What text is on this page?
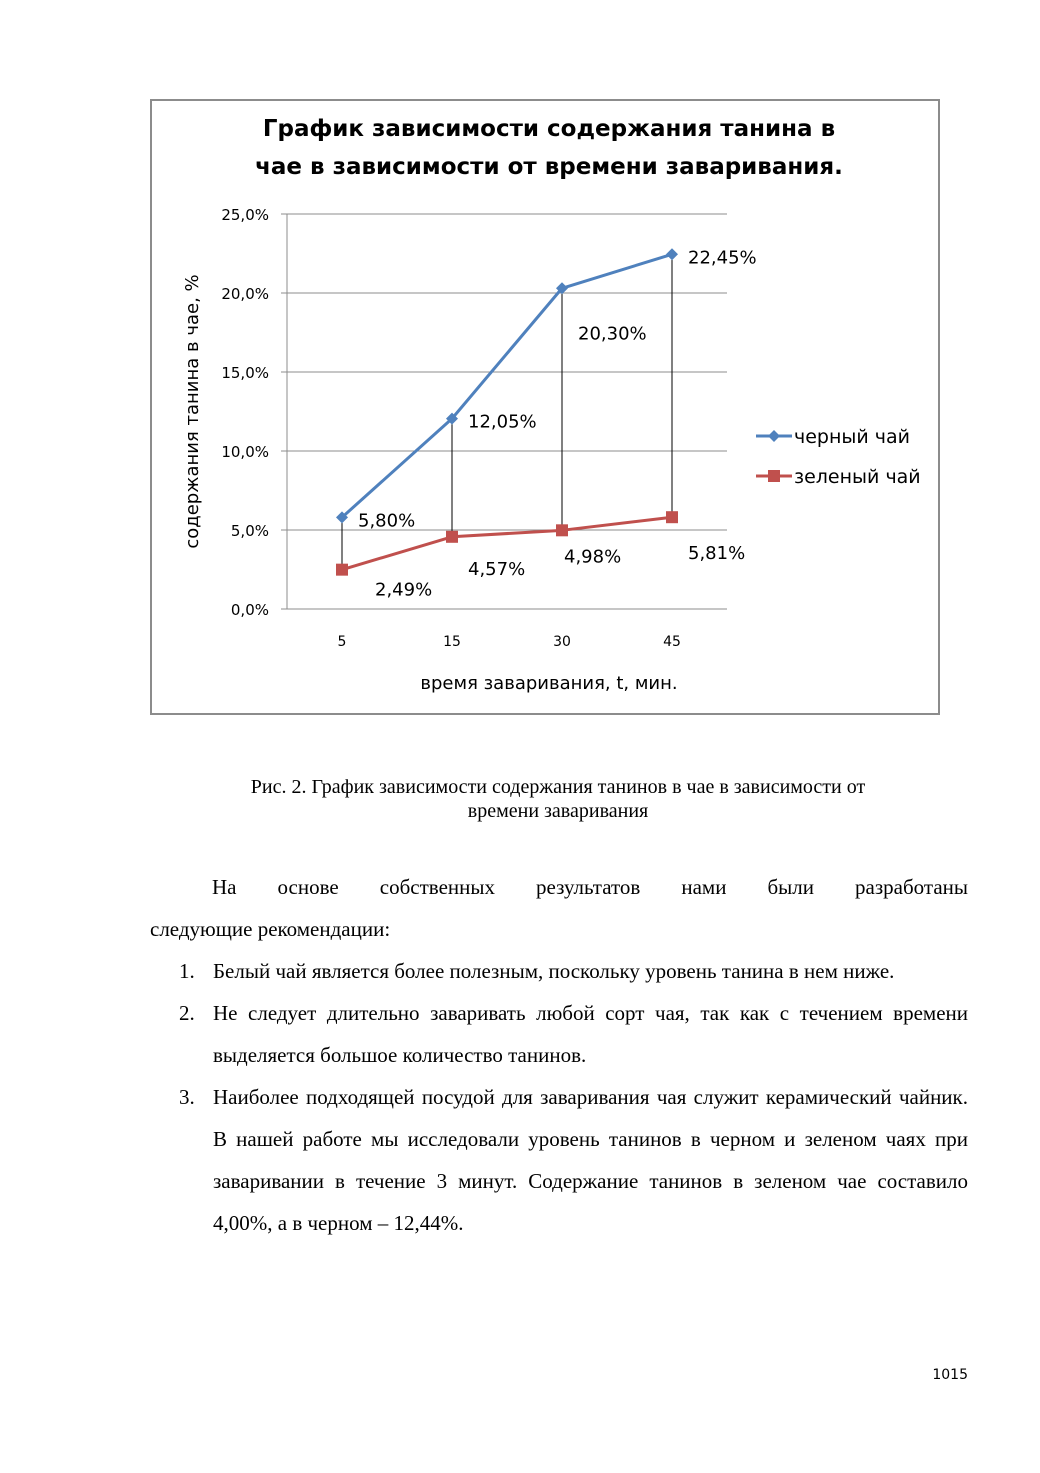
График зависимости содержания танина в
чае в зависимости от времени заваривания.
0,0%
5,0%
10,0%
15,0%
20,0%
25,0%
5	15	30	45
время заваривания, t, мин.
содержания танина в чае, %	5,80%
12,05%
20,30%
22,45%
2,49%
4,57%
4,98%	5,81%
черный чай
зеленый чай
Рис. 2. График зависимости содержания танинов в чае в зависимости от
времени заваривания
На основе собственных результатов нами были разработаны
следующие рекомендации:
1. Белый чай является более полезным, поскольку уровень танина в нем ниже.
2. Не следует длительно заваривать любой сорт чая, так как с течением времени выделяется большое количество танинов.
3. Наиболее подходящей посудой для заваривания чая служит керамический чайник. В нашей работе мы исследовали уровень танинов в черном и зеленом чаях при заваривании в течение 3 минут. Содержание танинов в зеленом чае составило 4,00%, а в черном – 12,44%.
1015
